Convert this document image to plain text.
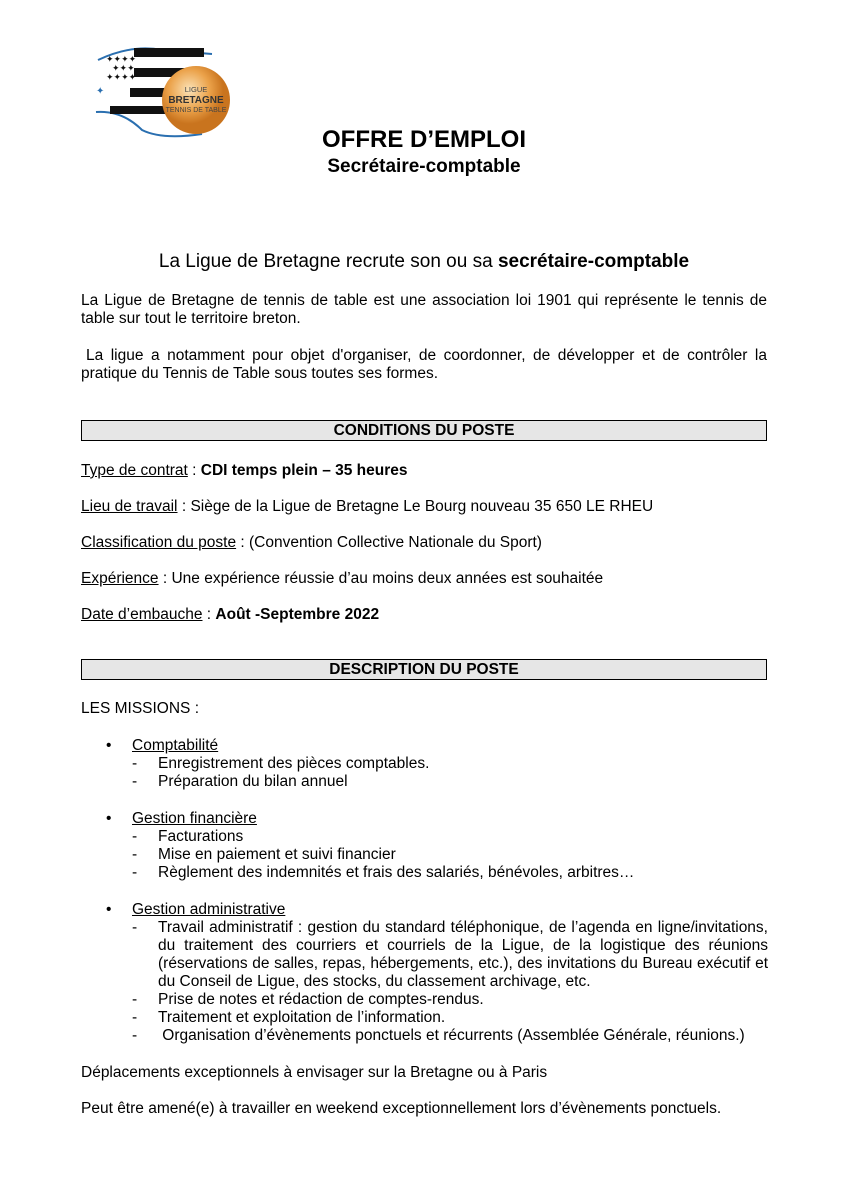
✦✦✦✦
✦✦✦
✦✦✦✦
✦	LIGUE
BRETAGNE
TENNIS DE TABLE
OFFRE D’EMPLOI
Secrétaire-comptable
La Ligue de Bretagne recrute son ou sa secrétaire-comptable
La Ligue de Bretagne de tennis de table est une association loi 1901 qui représente le tennis de table sur tout le territoire breton.
La ligue a notamment pour objet d'organiser, de coordonner, de développer et de contrôler la pratique du Tennis de Table sous toutes ses formes.
CONDITIONS DU POSTE
Type de contrat : CDI temps plein – 35 heures
Lieu de travail : Siège de la Ligue de Bretagne Le Bourg nouveau 35 650 LE RHEU
Classification du poste : (Convention Collective Nationale du Sport)
Expérience : Une expérience réussie d’au moins deux années est souhaitée
Date d’embauche : Août -Septembre 2022
DESCRIPTION DU POSTE
LES MISSIONS :
• Comptabilité
- Enregistrement des pièces comptables.
- Préparation du bilan annuel
• Gestion financière
- Facturations
- Mise en paiement et suivi financier
- Règlement des indemnités et frais des salariés, bénévoles, arbitres…
• Gestion administrative
- Travail administratif : gestion du standard téléphonique, de l’agenda en ligne/invitations, du traitement des courriers et courriels de la Ligue, de la logistique des réunions (réservations de salles, repas, hébergements, etc.), des invitations du Bureau exécutif et du Conseil de Ligue, des stocks, du classement archivage, etc.
- Prise de notes et rédaction de comptes-rendus.
- Traitement et exploitation de l’information.
- Organisation d’évènements ponctuels et récurrents (Assemblée Générale, réunions.)
Déplacements exceptionnels à envisager sur la Bretagne ou à Paris
Peut être amené(e) à travailler en weekend exceptionnellement lors d’évènements ponctuels.
